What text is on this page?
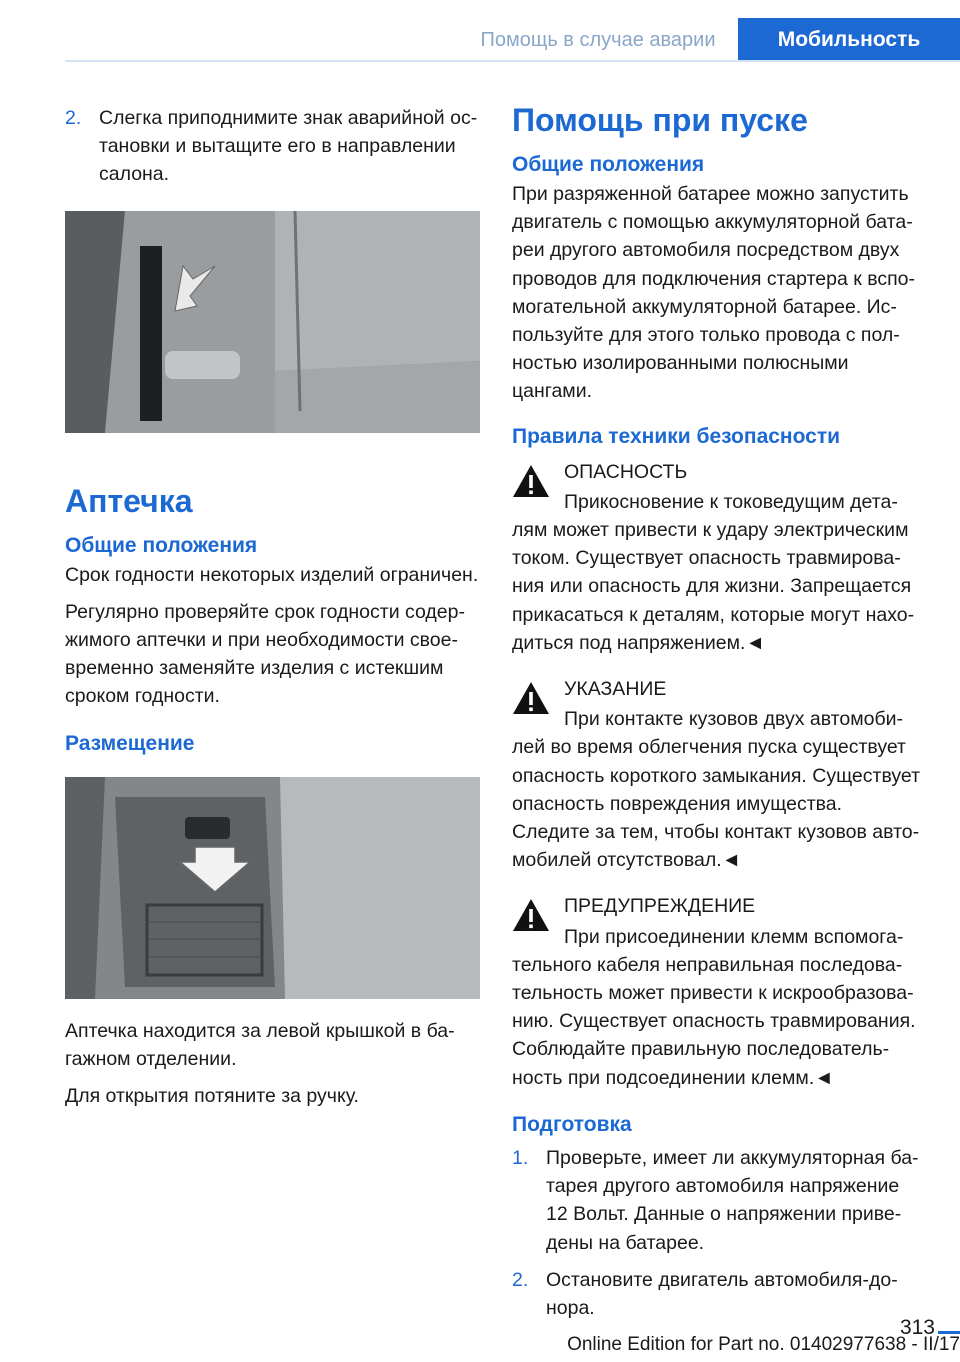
Помощь в случае аварии	Мобильность
2. Слегка приподнимите знак аварийной остановки и вытащите его в направлении салона.
Аптечка
Общие положения

Срок годности некоторых изделий ограничен.

Регулярно проверяйте срок годности содержимого аптечки и при необходимости своевременно заменяйте изделия с истекшим сроком годности.

Размещение

Аптечка находится за левой крышкой в багажном отделении.

Для открытия потяните за ручку.

Помощь при пуске
Общие положения

При разряженной батарее можно запустить двигатель с помощью аккумуляторной батареи другого автомобиля посредством двух проводов для подключения стартера к вспомогательной аккумуляторной батарее. Используйте для этого только провода с полностью изолированными полюсными цангами.

Правила техники безопасности
ОПАСНОСТЬ
Прикосновение к токоведущим деталям может привести к удару электрическим током. Существует опасность травмирования или опасность для жизни. Запрещается прикасаться к деталям, которые могут находиться под напряжением.◄
УКАЗАНИЕ
При контакте кузовов двух автомобилей во время облегчения пуска существует опасность короткого замыкания. Существует опасность повреждения имущества. Следите за тем, чтобы контакт кузовов автомобилей отсутствовал.◄
ПРЕДУПРЕЖДЕНИЕ
При присоединении клемм вспомогательного кабеля неправильная последовательность может привести к искрообразованию. Существует опасность травмирования. Соблюдайте правильную последовательность при подсоединении клемм.◄
Подготовка
1. Проверьте, имеет ли аккумуляторная батарея другого автомобиля напряжение 12 Вольт. Данные о напряжении приведены на батарее.
2. Остановите двигатель автомобиля-донора.
313
Online Edition for Part no. 01402977638 - II/17
